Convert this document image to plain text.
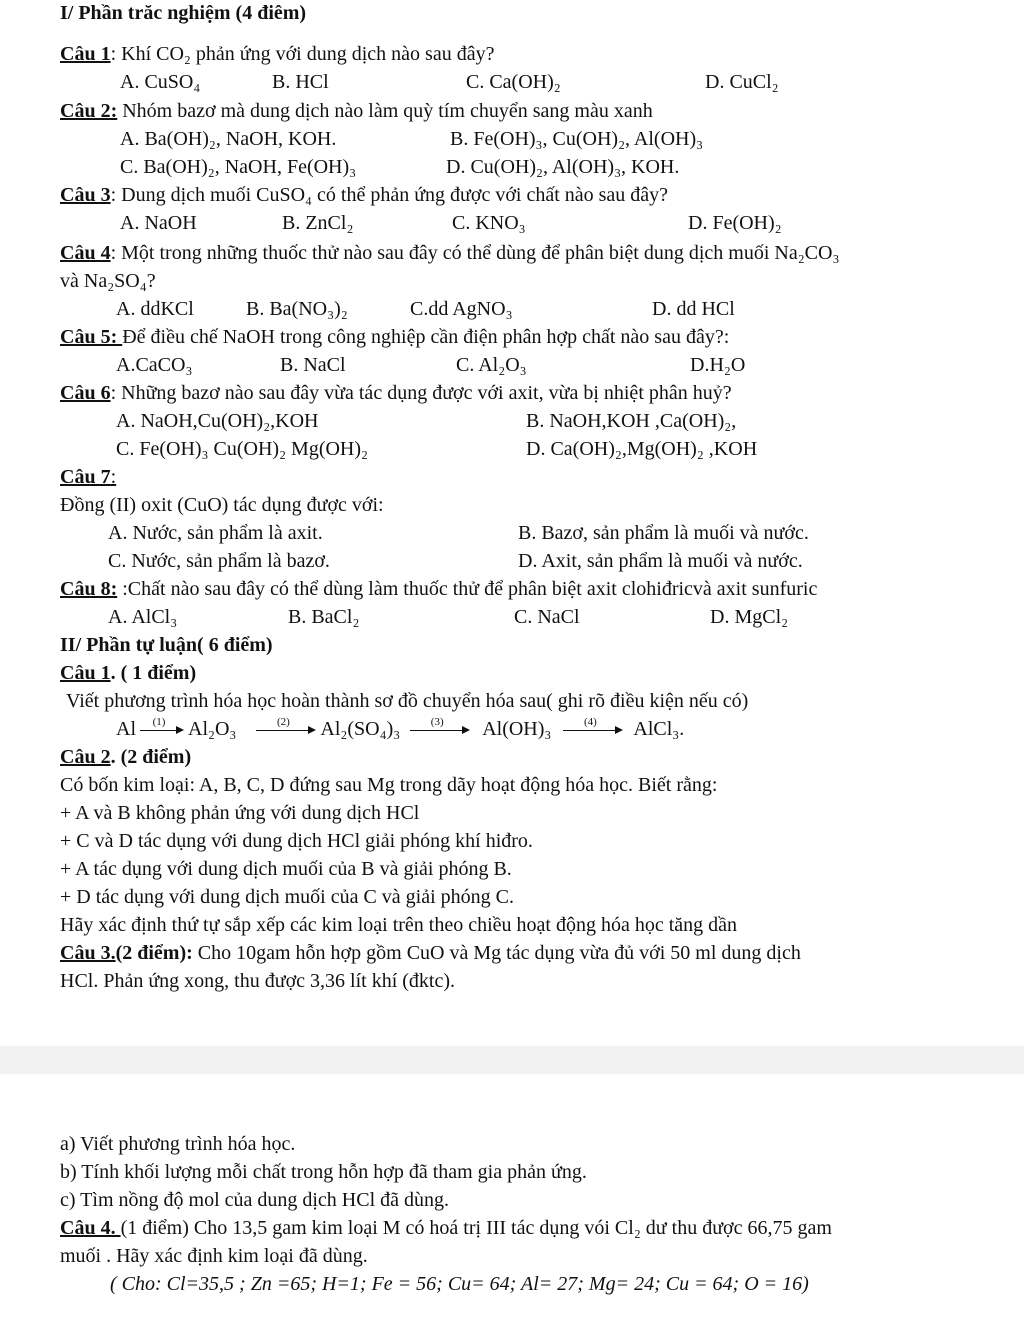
I/ Phần trăc nghiệm (4 điêm)
Câu 1: Khí CO₂ phản ứng với dung dịch nào sau đây?
A. CuSO₄	B. HCl	C. Ca(OH)₂	D. CuCl₂
Câu 2: Nhóm bazơ mà dung dịch nào làm quỳ tím chuyển sang màu xanh
A. Ba(OH)₂, NaOH, KOH.	B. Fe(OH)₃, Cu(OH)₂, Al(OH)₃
C. Ba(OH)₂, NaOH, Fe(OH)₃	D. Cu(OH)₂, Al(OH)₃, KOH.
Câu 3: Dung dịch muối CuSO₄ có thể phản ứng được với chất nào sau đây?
A. NaOH	B. ZnCl₂	C. KNO₃	D. Fe(OH)₂
Câu 4: Một trong những thuốc thử nào sau đây có thể dùng để phân biệt dung dịch muối Na₂CO₃
và Na₂SO₄?
A. ddKCl	B. Ba(NO₃)₂	C.dd AgNO₃	D. dd HCl
Câu 5: Để điều chế NaOH trong công nghiệp cần điện phân hợp chất nào sau đây?:
A.CaCO₃	B. NaCl	C. Al₂O₃	D.H₂O
Câu 6: Những bazơ nào sau đây vừa tác dụng được với axit, vừa bị nhiệt phân huỷ?
A. NaOH,Cu(OH)₂,KOH	B. NaOH,KOH ,Ca(OH)₂,
C. Fe(OH)₃ Cu(OH)₂ Mg(OH)₂	D. Ca(OH)₂,Mg(OH)₂ ,KOH
Câu 7:
Đồng (II) oxit (CuO) tác dụng được với:
A. Nước, sản phẩm là axit.	B. Bazơ, sản phẩm là muối và nước.
C. Nước, sản phẩm là bazơ.	D. Axit, sản phẩm là muối và nước.
Câu 8: :Chất nào sau đây có thể dùng làm thuốc thử để phân biệt axit clohiđricvà axit sunfuric
A. AlCl₃	B. BaCl₂	C. NaCl	D. MgCl₂
II/ Phần tự luận( 6 điểm)
Câu 1. ( 1 điểm)
Viết phương trình hóa học hoàn thành sơ đồ chuyển hóa sau( ghi rõ điều kiện nếu có)
Al	(1)	Al₂O₃	(2)	Al₂(SO₄)₃	(3)	Al(OH)₃	(4)	AlCl₃.
Câu 2. (2 điểm)
Có bốn kim loại: A, B, C, D đứng sau Mg trong dãy hoạt động hóa học. Biết rằng:
+ A và B không phản ứng với dung dịch HCl
+ C và D tác dụng với dung dịch HCl giải phóng khí hiđro.
+ A tác dụng với dung dịch muối của B và giải phóng B.
+ D tác dụng với dung dịch muối của C và giải phóng C.
Hãy xác định thứ tự sắp xếp các kim loại trên theo chiều hoạt động hóa học tăng dần
Câu 3.(2 điểm): Cho 10gam hỗn hợp gồm CuO và Mg tác dụng vừa đủ với 50 ml dung dịch
HCl. Phản ứng xong, thu được 3,36 lít khí (đktc).
a) Viết phương trình hóa học.
b) Tính khối lượng mỗi chất trong hỗn hợp đã tham gia phản ứng.
c) Tìm nồng độ mol của dung dịch HCl đã dùng.
Câu 4. (1 điểm) Cho 13,5 gam kim loại M có hoá trị III tác dụng vói Cl₂ dư thu được 66,75 gam
muối . Hãy xác định kim loại đã dùng.
( Cho: Cl=35,5 ; Zn =65; H=1; Fe = 56; Cu= 64; Al= 27; Mg= 24; Cu = 64; O = 16)
